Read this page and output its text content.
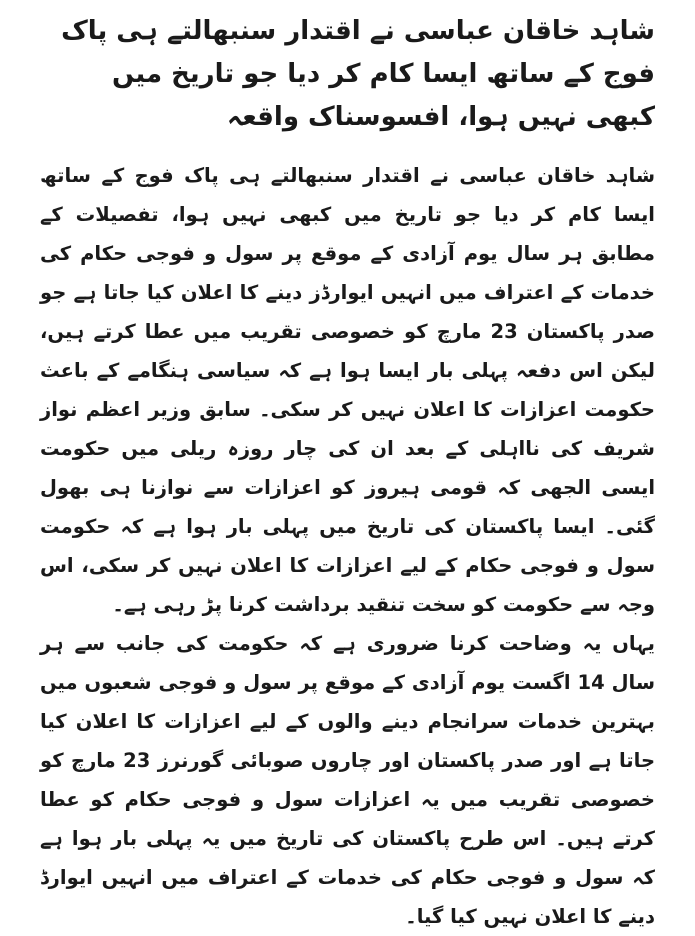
شاہد خاقان عباسی نے اقتدار سنبھالتے ہی پاک فوج کے ساتھ ایسا کام کر دیا جو تاریخ میں کبھی نہیں ہوا، افسوسناک واقعہ

شاہد خاقان عباسی نے اقتدار سنبھالتے ہی پاک فوج کے ساتھ ایسا کام کر دیا جو تاریخ میں کبھی نہیں ہوا، تفصیلات کے مطابق ہر سال یوم آزادی کے موقع پر سول و فوجی حکام کی خدمات کے اعتراف میں انہیں ایوارڈز دینے کا اعلان کیا جاتا ہے جو صدر پاکستان 23 مارچ کو خصوصی تقریب میں عطا کرتے ہیں، لیکن اس دفعہ پہلی بار ایسا ہوا ہے کہ سیاسی ہنگامے کے باعث حکومت اعزازات کا اعلان نہیں کر سکی۔ سابق وزیر اعظم نواز شریف کی نااہلی کے بعد ان کی چار روزہ ریلی میں حکومت ایسی الجھی کہ قومی ہیروز کو اعزازات سے نوازنا ہی بھول گئی۔ ایسا پاکستان کی تاریخ میں پہلی بار ہوا ہے کہ حکومت سول و فوجی حکام کے لیے اعزازات کا اعلان نہیں کر سکی، اس وجہ سے حکومت کو سخت تنقید برداشت کرنا پڑ رہی ہے۔

یہاں یہ وضاحت کرنا ضروری ہے کہ حکومت کی جانب سے ہر سال 14 اگست یوم آزادی کے موقع پر سول و فوجی شعبوں میں بہترین خدمات سرانجام دینے والوں کے لیے اعزازات کا اعلان کیا جاتا ہے اور صدر پاکستان اور چاروں صوبائی گورنرز 23 مارچ کو خصوصی تقریب میں یہ اعزازات سول و فوجی حکام کو عطا کرتے ہیں۔ اس طرح پاکستان کی تاریخ میں یہ پہلی بار ہوا ہے کہ سول و فوجی حکام کی خدمات کے اعتراف میں انہیں ایوارڈ دینے کا اعلان نہیں کیا گیا۔
